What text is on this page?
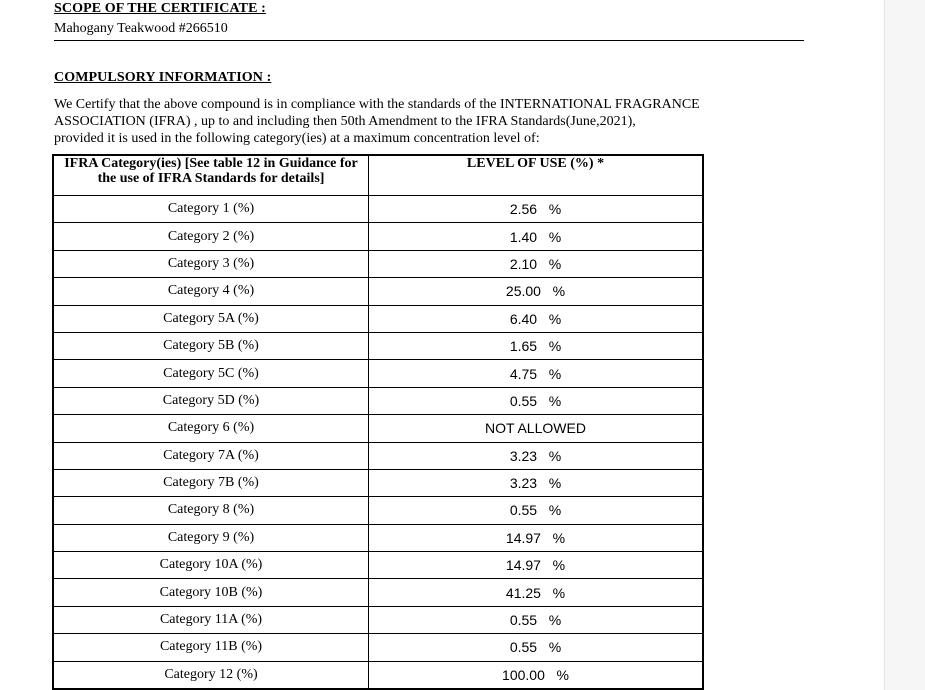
SCOPE OF THE CERTIFICATE :
Mahogany Teakwood #266510
COMPULSORY INFORMATION :
We Certify that the above compound is in compliance with the standards of the INTERNATIONAL FRAGRANCE
ASSOCIATION (IFRA) , up to and including then 50th Amendment to the IFRA Standards(June,2021),
provided it is used in the following category(ies) at a maximum concentration level of:
IFRA Category(ies) [See table 12 in Guidance for the use of IFRA Standards for details]	LEVEL OF USE (%) *
Category 1 (%)	2.56   %
Category 2 (%)	1.40   %
Category 3 (%)	2.10   %
Category 4 (%)	25.00   %
Category 5A (%)	6.40   %
Category 5B (%)	1.65   %
Category 5C (%)	4.75   %
Category 5D (%)	0.55   %
Category 6 (%)	NOT ALLOWED
Category 7A (%)	3.23   %
Category 7B (%)	3.23   %
Category 8 (%)	0.55   %
Category 9 (%)	14.97   %
Category 10A (%)	14.97   %
Category 10B (%)	41.25   %
Category 11A (%)	0.55   %
Category 11B (%)	0.55   %
Category 12 (%)	100.00   %
